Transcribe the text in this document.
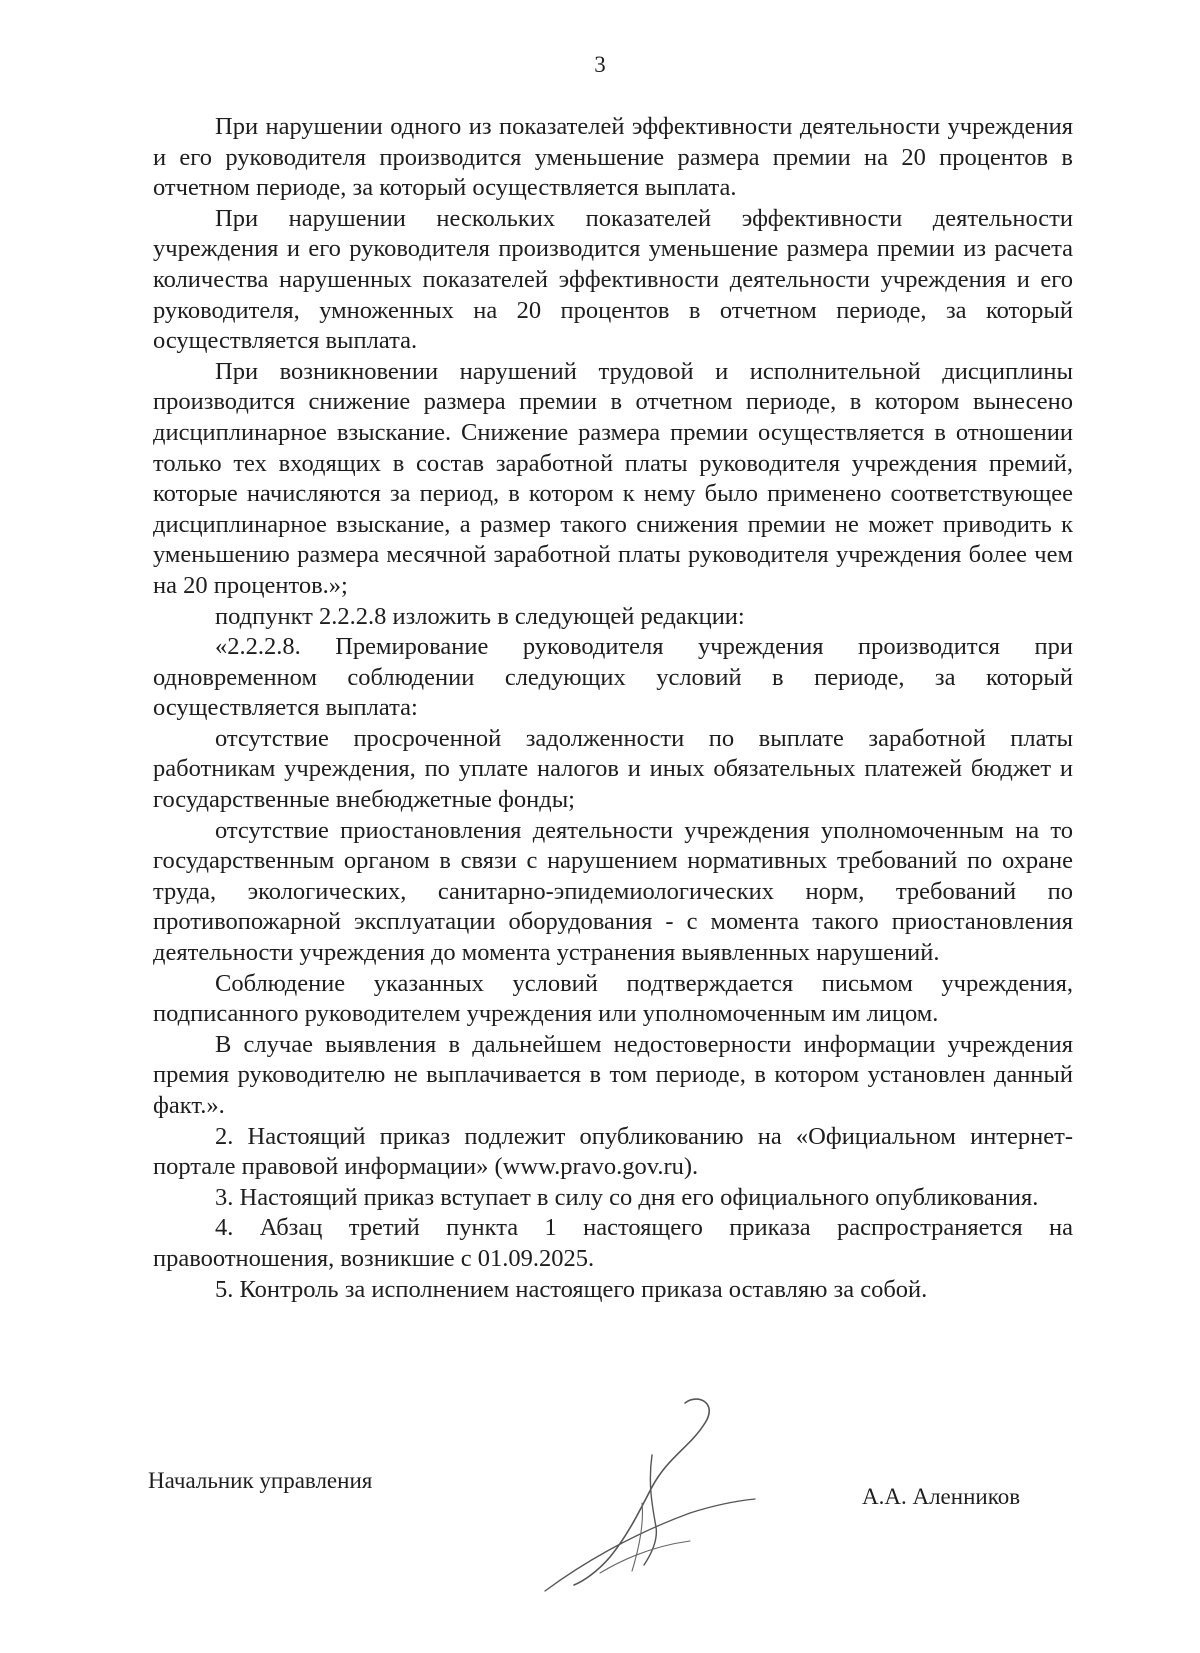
3

При нарушении одного из показателей эффективности деятельности учреждения и его руководителя производится уменьшение размера премии на 20 процентов в отчетном периоде, за который осуществляется выплата.

При нарушении нескольких показателей эффективности деятельности учреждения и его руководителя производится уменьшение размера премии из расчета количества нарушенных показателей эффективности деятельности учреждения и его руководителя, умноженных на 20 процентов в отчетном периоде, за который осуществляется выплата.

При возникновении нарушений трудовой и исполнительной дисциплины производится снижение размера премии в отчетном периоде, в котором вынесено дисциплинарное взыскание. Снижение размера премии осуществляется в отношении только тех входящих в состав заработной платы руководителя учреждения премий, которые начисляются за период, в котором к нему было применено соответствующее дисциплинарное взыскание, а размер такого снижения премии не может приводить к уменьшению размера месячной заработной платы руководителя учреждения более чем на 20 процентов.»;

подпункт 2.2.2.8 изложить в следующей редакции:

«2.2.2.8. Премирование руководителя учреждения производится при одновременном соблюдении следующих условий в периоде, за который осуществляется выплата:

отсутствие просроченной задолженности по выплате заработной платы работникам учреждения, по уплате налогов и иных обязательных платежей бюджет и государственные внебюджетные фонды;

отсутствие приостановления деятельности учреждения уполномоченным на то государственным органом в связи с нарушением нормативных требований по охране труда, экологических, санитарно-эпидемиологических норм, требований по противопожарной эксплуатации оборудования - с момента такого приостановления деятельности учреждения до момента устранения выявленных нарушений.

Соблюдение указанных условий подтверждается письмом учреждения, подписанного руководителем учреждения или уполномоченным им лицом.

В случае выявления в дальнейшем недостоверности информации учреждения премия руководителю не выплачивается в том периоде, в котором установлен данный факт.».

2. Настоящий приказ подлежит опубликованию на «Официальном интернет-портале правовой информации» (www.pravo.gov.ru).

3. Настоящий приказ вступает в силу со дня его официального опубликования.

4. Абзац третий пункта 1 настоящего приказа распространяется на правоотношения, возникшие с 01.09.2025.

5. Контроль за исполнением настоящего приказа оставляю за собой.

Начальник управления
А.А. Аленников
